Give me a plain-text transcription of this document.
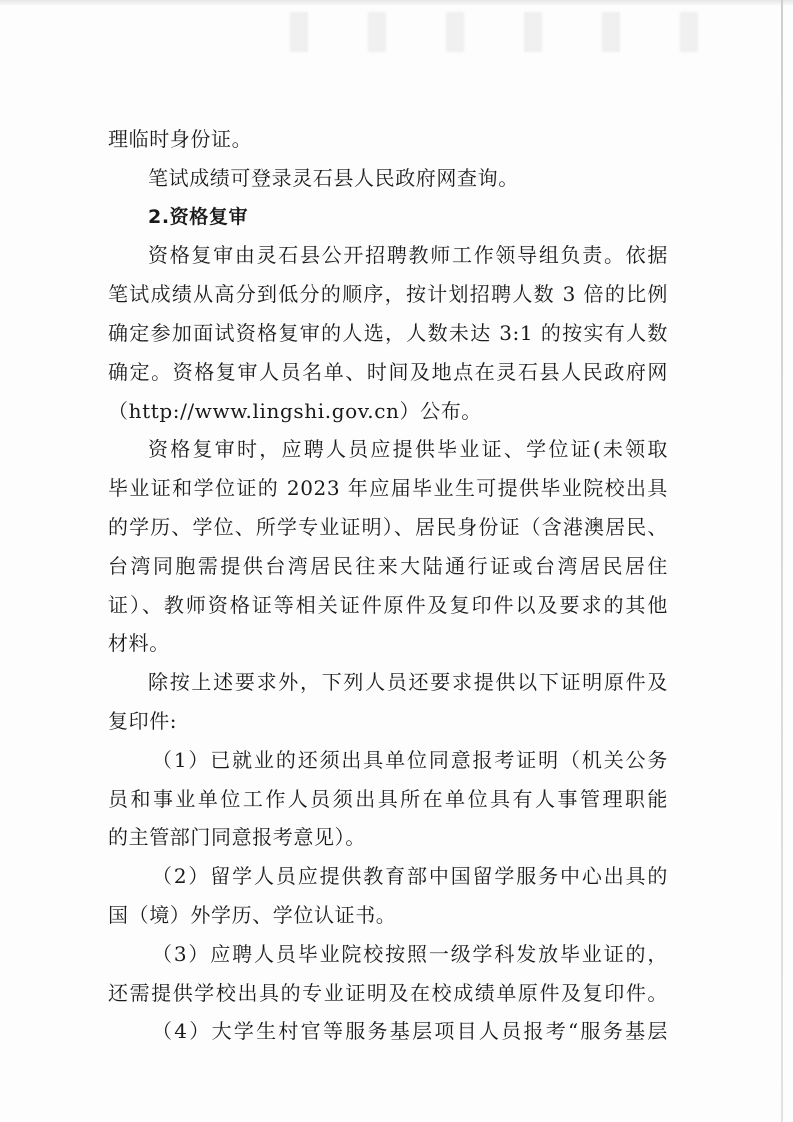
理临时身份证。
笔试成绩可登录灵石县人民政府网查询。
2.资格复审
资格复审由灵石县公开招聘教师工作领导组负责。依据
笔试成绩从高分到低分的顺序，按计划招聘人数 3 倍的比例
确定参加面试资格复审的人选，人数未达 3:1 的按实有人数
确定。资格复审人员名单、时间及地点在灵石县人民政府网
（http://www.lingshi.gov.cn）公布。
资格复审时，应聘人员应提供毕业证、学位证(未领取
毕业证和学位证的 2023 年应届毕业生可提供毕业院校出具
的学历、学位、所学专业证明）、居民身份证（含港澳居民、
台湾同胞需提供台湾居民往来大陆通行证或台湾居民居住
证）、教师资格证等相关证件原件及复印件以及要求的其他
材料。
除按上述要求外，下列人员还要求提供以下证明原件及
复印件:
（1）已就业的还须出具单位同意报考证明（机关公务
员和事业单位工作人员须出具所在单位具有人事管理职能
的主管部门同意报考意见）。
（2）留学人员应提供教育部中国留学服务中心出具的
国（境）外学历、学位认证书。
（3）应聘人员毕业院校按照一级学科发放毕业证的，
还需提供学校出具的专业证明及在校成绩单原件及复印件。
（4）大学生村官等服务基层项目人员报考“服务基层
